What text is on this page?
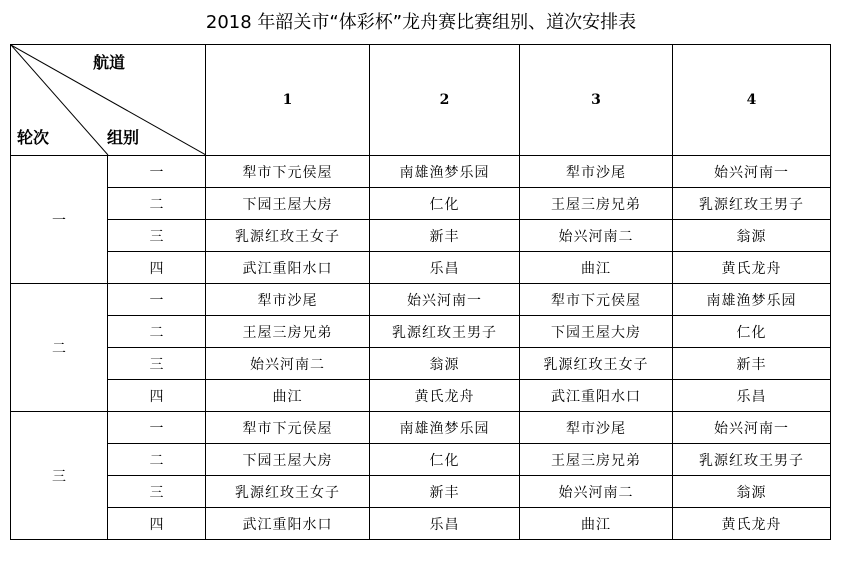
2018 年韶关市“体彩杯”龙舟赛比赛组别、道次安排表
航道
轮次 组别		1	2	3	4
一	一	犁市下元侯屋	南雄渔梦乐园	犁市沙尾	始兴河南一
	二	下园王屋大房	仁化	王屋三房兄弟	乳源红玫王男子
	三	乳源红玫王女子	新丰	始兴河南二	翁源
	四	武江重阳水口	乐昌	曲江	黄氏龙舟
二	一	犁市沙尾	始兴河南一	犁市下元侯屋	南雄渔梦乐园
	二	王屋三房兄弟	乳源红玫王男子	下园王屋大房	仁化
	三	始兴河南二	翁源	乳源红玫王女子	新丰
	四	曲江	黄氏龙舟	武江重阳水口	乐昌
三	一	犁市下元侯屋	南雄渔梦乐园	犁市沙尾	始兴河南一
	二	下园王屋大房	仁化	王屋三房兄弟	乳源红玫王男子
	三	乳源红玫王女子	新丰	始兴河南二	翁源
	四	武江重阳水口	乐昌	曲江	黄氏龙舟
